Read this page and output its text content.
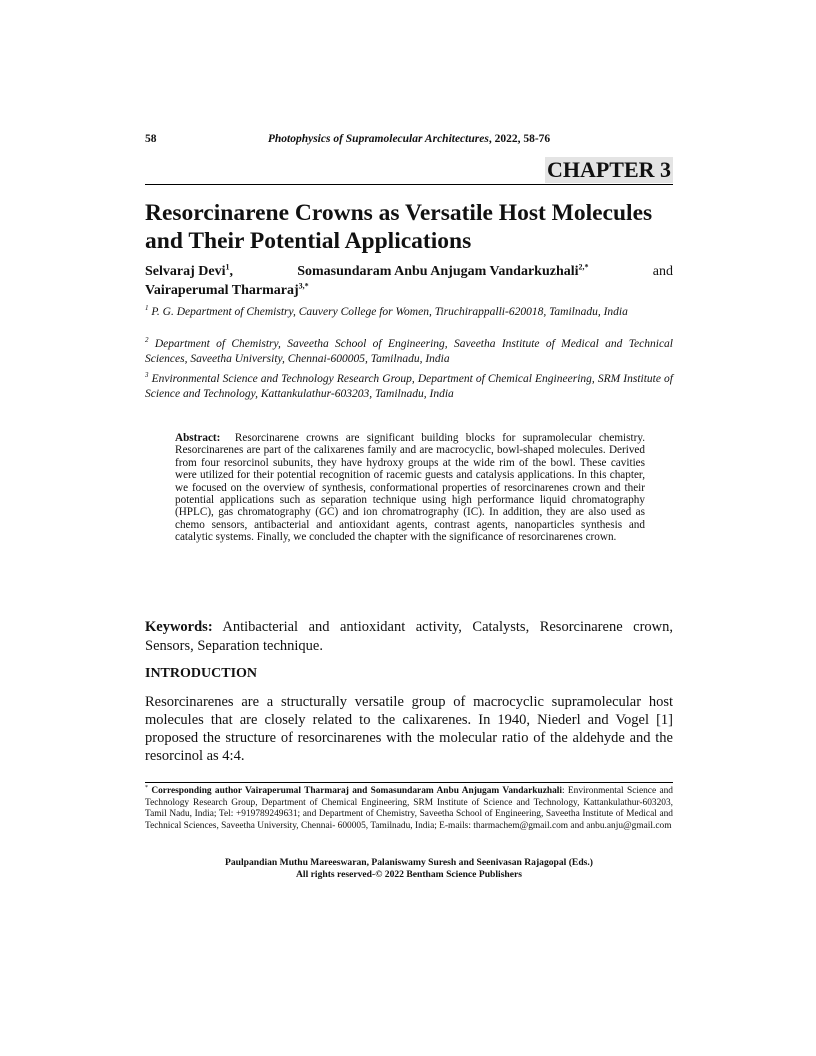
58	Photophysics of Supramolecular Architectures, 2022, 58-76
CHAPTER 3
Resorcinarene Crowns as Versatile Host Molecules and Their Potential Applications
Selvaraj Devi$^1$,	Somasundaram Anbu Anjugam Vandarkuzhali$^{2,*}$	and
Vairaperumal Tharmaraj$^{3,*}$
$^1$ P. G. Department of Chemistry, Cauvery College for Women, Tiruchirappalli-620018, Tamilnadu, India
$^2$ Department of Chemistry, Saveetha School of Engineering, Saveetha Institute of Medical and Technical Sciences, Saveetha University, Chennai-600005, Tamilnadu, India
$^3$ Environmental Science and Technology Research Group, Department of Chemical Engineering, SRM Institute of Science and Technology, Kattankulathur-603203, Tamilnadu, India
Abstract: Resorcinarene crowns are significant building blocks for supramolecular chemistry. Resorcinarenes are part of the calixarenes family and are macrocyclic, bowl-shaped molecules. Derived from four resorcinol subunits, they have hydroxy groups at the wide rim of the bowl. These cavities were utilized for their potential recognition of racemic guests and catalysis applications. In this chapter, we focused on the overview of synthesis, conformational properties of resorcinarenes crown and their potential applications such as separation technique using high performance liquid chromatography (HPLC), gas chromatography (GC) and ion chromatrography (IC). In addition, they are also used as chemo sensors, antibacterial and antioxidant agents, contrast agents, nanoparticles synthesis and catalytic systems. Finally, we concluded the chapter with the significance of resorcinarenes crown.
Keywords: Antibacterial and antioxidant activity, Catalysts, Resorcinarene crown, Sensors, Separation technique.
INTRODUCTION
Resorcinarenes are a structurally versatile group of macrocyclic supramolecular host molecules that are closely related to the calixarenes. In 1940, Niederl and Vogel [1] proposed the structure of resorcinarenes with the molecular ratio of the aldehyde and the resorcinol as 4:4.
* Corresponding author Vairaperumal Tharmaraj and Somasundaram Anbu Anjugam Vandarkuzhali: Environmental Science and Technology Research Group, Department of Chemical Engineering, SRM Institute of Science and Technology, Kattankulathur-603203, Tamil Nadu, India; Tel: +919789249631; and Department of Chemistry, Saveetha School of Engineering, Saveetha Institute of Medical and Technical Sciences, Saveetha University, Chennai- 600005, Tamilnadu, India; E-mails: tharmachem@gmail.com and anbu.anju@gmail.com
Paulpandian Muthu Mareeswaran, Palaniswamy Suresh and Seenivasan Rajagopal (Eds.)
All rights reserved-© 2022 Bentham Science Publishers
